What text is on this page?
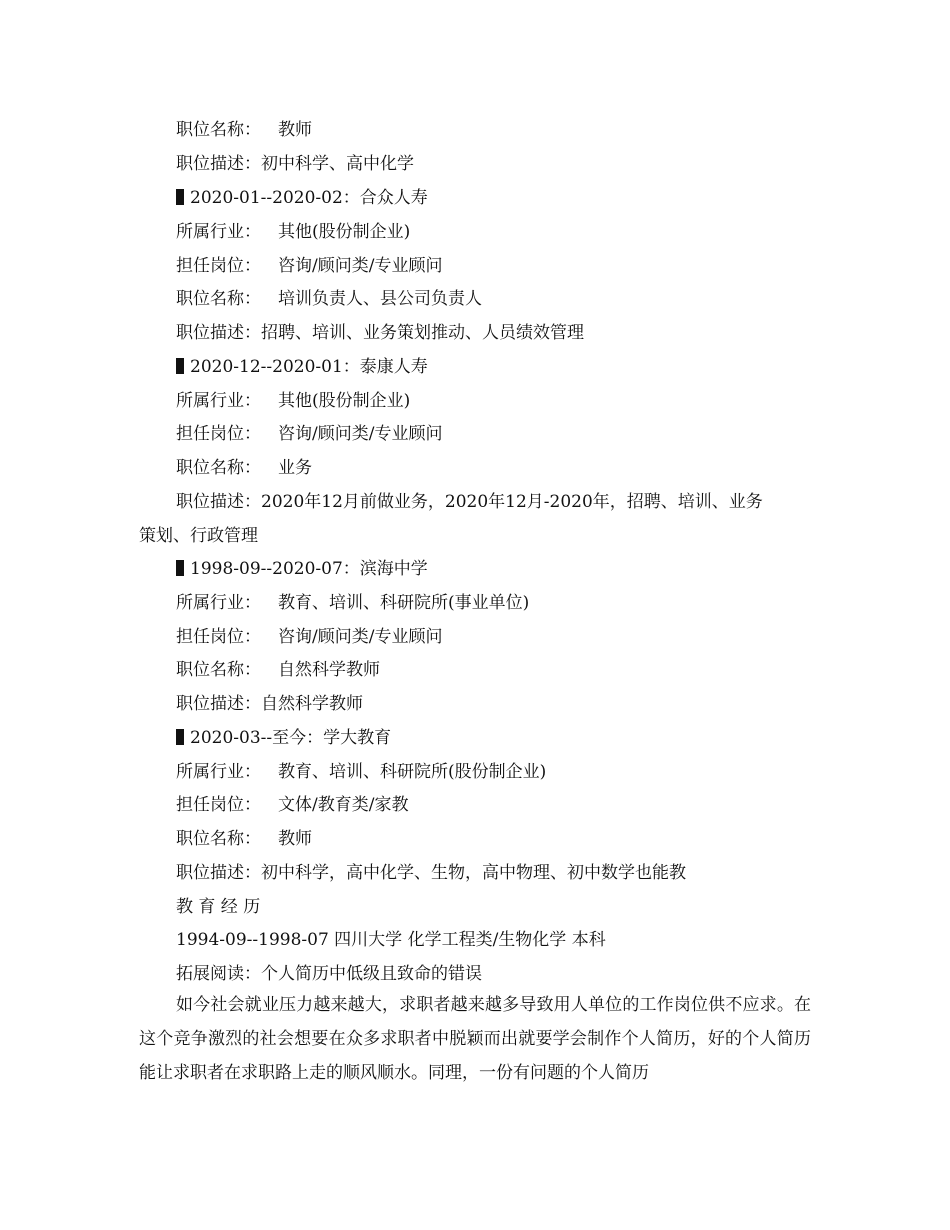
职位名称： 教师
职位描述：初中科学、高中化学
2020-01--2020-02：合众人寿
所属行业： 其他(股份制企业)
担任岗位： 咨询/顾问类/专业顾问
职位名称： 培训负责人、县公司负责人
职位描述：招聘、培训、业务策划推动、人员绩效管理
2020-12--2020-01：泰康人寿
所属行业： 其他(股份制企业)
担任岗位： 咨询/顾问类/专业顾问
职位名称： 业务
职位描述：2020年12月前做业务，2020年12月-2020年，招聘、培训、业务
策划、行政管理
1998-09--2020-07：滨海中学
所属行业： 教育、培训、科研院所(事业单位)
担任岗位： 咨询/顾问类/专业顾问
职位名称： 自然科学教师
职位描述：自然科学教师
2020-03--至今：学大教育
所属行业： 教育、培训、科研院所(股份制企业)
担任岗位： 文体/教育类/家教
职位名称： 教师
职位描述：初中科学，高中化学、生物，高中物理、初中数学也能教
教 育 经 历
1994-09--1998-07 四川大学 化学工程类/生物化学 本科
拓展阅读：个人简历中低级且致命的错误
如今社会就业压力越来越大，求职者越来越多导致用人单位的工作岗位供不应求。在这个竞争激烈的社会想要在众多求职者中脱颖而出就要学会制作个人简历，好的个人简历能让求职者在求职路上走的顺风顺水。同理，一份有问题的个人简历
